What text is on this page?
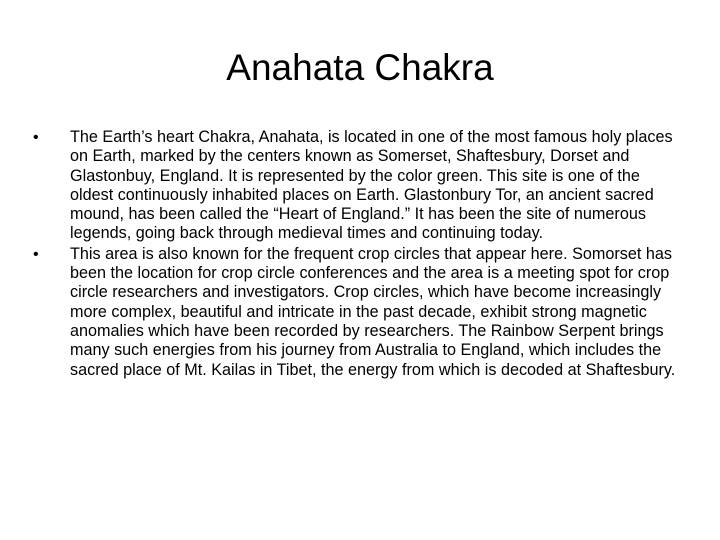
Anahata Chakra
•	The Earth’s heart Chakra, Anahata, is located in one of the most famous holy places on Earth, marked by the centers known as Somerset, Shaftesbury, Dorset and Glastonbuy, England. It is represented by the color green. This site is one of the oldest continuously inhabited places on Earth. Glastonbury Tor, an ancient sacred mound, has been called the “Heart of England.” It has been the site of numerous legends, going back through medieval times and continuing today.
•	This area is also known for the frequent crop circles that appear here. Somorset has been the location for crop circle conferences and the area is a meeting spot for crop circle researchers and investigators. Crop circles, which have become increasingly more complex, beautiful and intricate in the past decade, exhibit strong magnetic anomalies which have been recorded by researchers. The Rainbow Serpent brings many such energies from his journey from Australia to England, which includes the sacred place of Mt. Kailas in Tibet, the energy from which is decoded at Shaftesbury.
